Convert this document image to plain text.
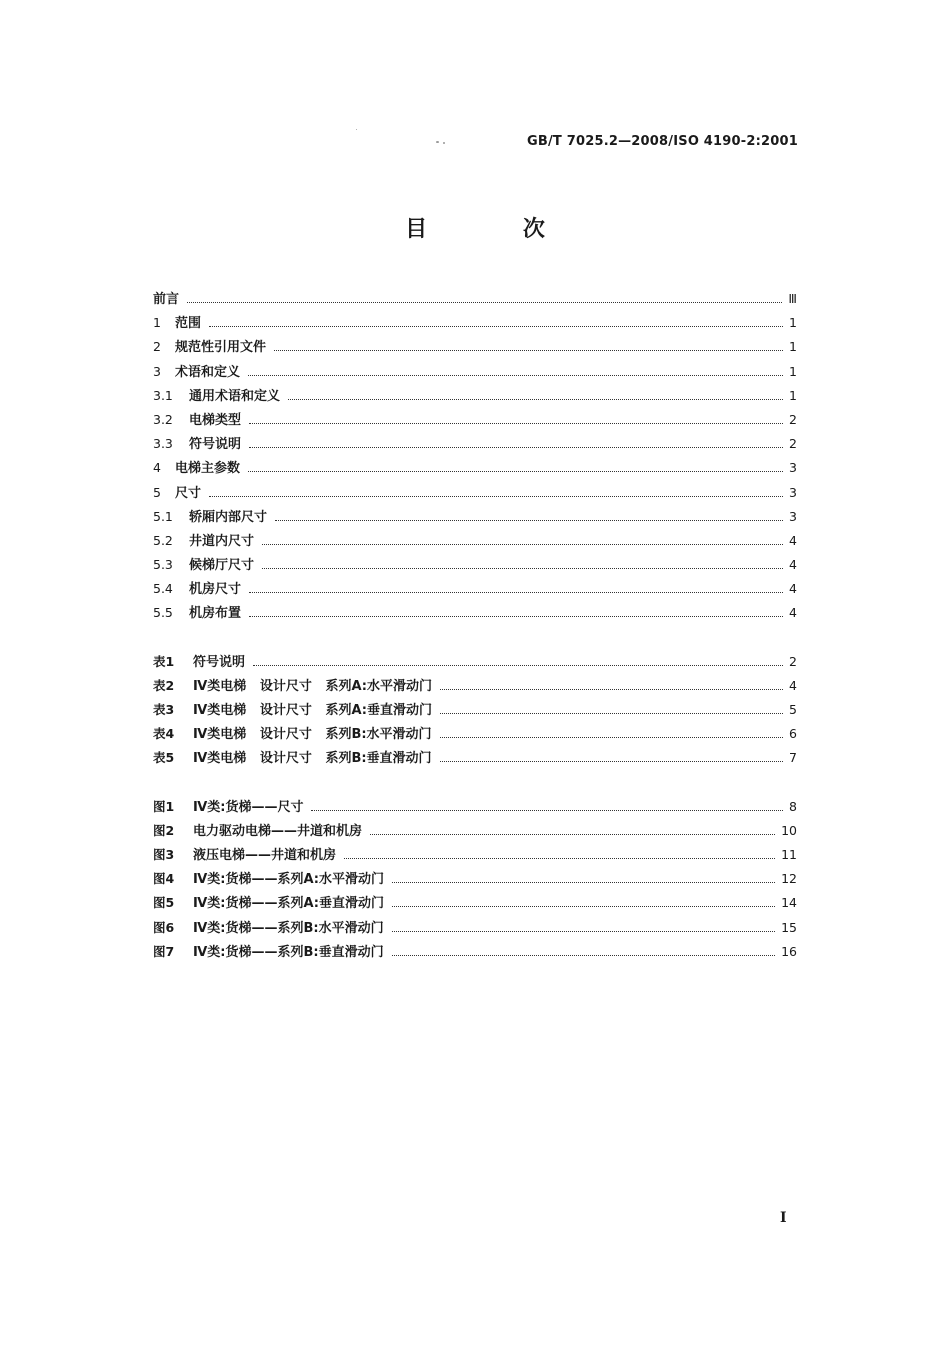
GB/T 7025.2—2008/ISO 4190-2:2001
目 次
前言	Ⅲ
1	范围	1
2	规范性引用文件	1
3	术语和定义	1
3.1	通用术语和定义	1
3.2	电梯类型	2
3.3	符号说明	2
4	电梯主参数	3
5	尺寸	3
5.1	轿厢内部尺寸	3
5.2	井道内尺寸	4
5.3	候梯厅尺寸	4
5.4	机房尺寸	4
5.5	机房布置	4
表1	符号说明	2
表2	Ⅳ类电梯   设计尺寸   系列A:水平滑动门	4
表3	Ⅳ类电梯   设计尺寸   系列A:垂直滑动门	5
表4	Ⅳ类电梯   设计尺寸   系列B:水平滑动门	6
表5	Ⅳ类电梯   设计尺寸   系列B:垂直滑动门	7
图1	Ⅳ类:货梯——尺寸	8
图2	电力驱动电梯——井道和机房	10
图3	液压电梯——井道和机房	11
图4	Ⅳ类:货梯——系列A:水平滑动门	12
图5	Ⅳ类:货梯——系列A:垂直滑动门	14
图6	Ⅳ类:货梯——系列B:水平滑动门	15
图7	Ⅳ类:货梯——系列B:垂直滑动门	16
I
